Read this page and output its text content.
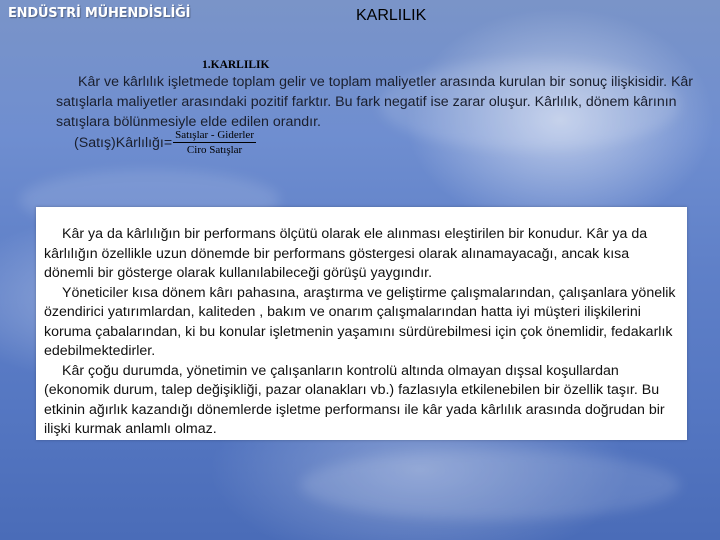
ENDÜSTRİ MÜHENDİSLİĞİ	KARLILIK
1.KARLILIK
Kâr ve kârlılık işletmede toplam gelir ve toplam maliyetler arasında kurulan bir sonuç ilişkisidir. Kâr satışlarla maliyetler arasındaki pozitif farktır. Bu fark negatif ise zarar oluşur. Kârlılık, dönem kârının satışlara bölünmesiyle elde edilen orandır.
(Satış)Kârlılığı= $\frac{\text{Satışlar - Giderler}}{\text{Ciro Satışlar}}$

Kâr ya da kârlılığın bir performans ölçütü olarak ele alınması eleştirilen bir konudur. Kâr ya da kârlılığın özellikle uzun dönemde bir performans göstergesi olarak alınamayacağı, ancak kısa dönemli bir gösterge olarak kullanılabileceği görüşü yaygındır.

Yöneticiler kısa dönem kârı pahasına, araştırma ve geliştirme çalışmalarından, çalışanlara yönelik özendirici yatırımlardan, kaliteden , bakım ve onarım çalışmalarından hatta iyi müşteri ilişkilerini koruma çabalarından, ki bu konular işletmenin yaşamını sürdürebilmesi için çok önemlidir, fedakarlık edebilmektedirler.

Kâr çoğu durumda, yönetimin ve çalışanların kontrolü altında olmayan dışsal koşullardan (ekonomik durum, talep değişikliği, pazar olanakları vb.) fazlasıyla etkilenebilen bir özellik taşır. Bu etkinin ağırlık kazandığı dönemlerde işletme performansı ile kâr yada kârlılık arasında doğrudan bir ilişki kurmak anlamlı olmaz.
